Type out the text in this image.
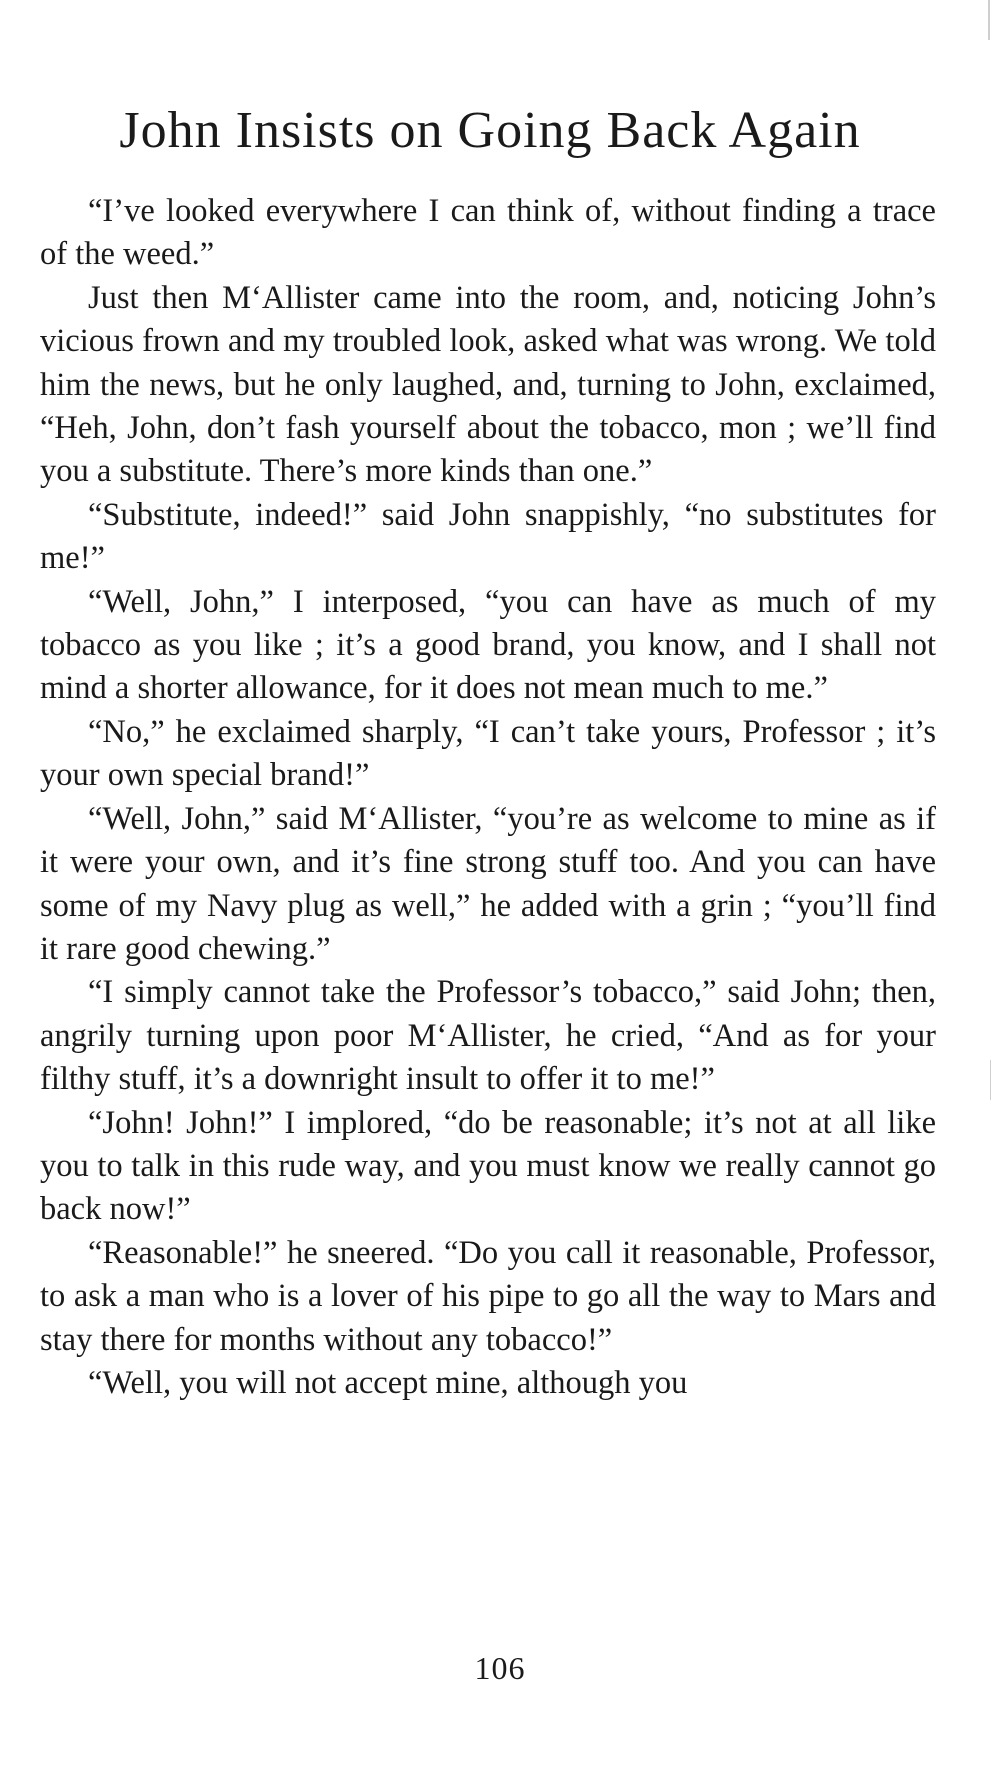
John Insists on Going Back Again

“I’ve looked everywhere I can think of, without finding a trace of the weed.”

Just then M‘Allister came into the room, and, noticing John’s vicious frown and my troubled look, asked what was wrong. We told him the news, but he only laughed, and, turning to John, exclaimed, “Heh, John, don’t fash yourself about the tobacco, mon ; we’ll find you a substitute. There’s more kinds than one.”

“Substitute, indeed!” said John snappishly, “no substitutes for me!”

“Well, John,” I interposed, “you can have as much of my tobacco as you like ; it’s a good brand, you know, and I shall not mind a shorter allowance, for it does not mean much to me.”

“No,” he exclaimed sharply, “I can’t take yours, Professor ; it’s your own special brand!”

“Well, John,” said M‘Allister, “you’re as welcome to mine as if it were your own, and it’s fine strong stuff too. And you can have some of my Navy plug as well,” he added with a grin ; “you’ll find it rare good chewing.”

“I simply cannot take the Professor’s tobacco,” said John; then, angrily turning upon poor M‘Allister, he cried, “And as for your filthy stuff, it’s a downright insult to offer it to me!”

“John! John!” I implored, “do be reasonable; it’s not at all like you to talk in this rude way, and you must know we really cannot go back now!”

“Reasonable!” he sneered. “Do you call it reasonable, Professor, to ask a man who is a lover of his pipe to go all the way to Mars and stay there for months without any tobacco!”

“Well, you will not accept mine, although you

106
